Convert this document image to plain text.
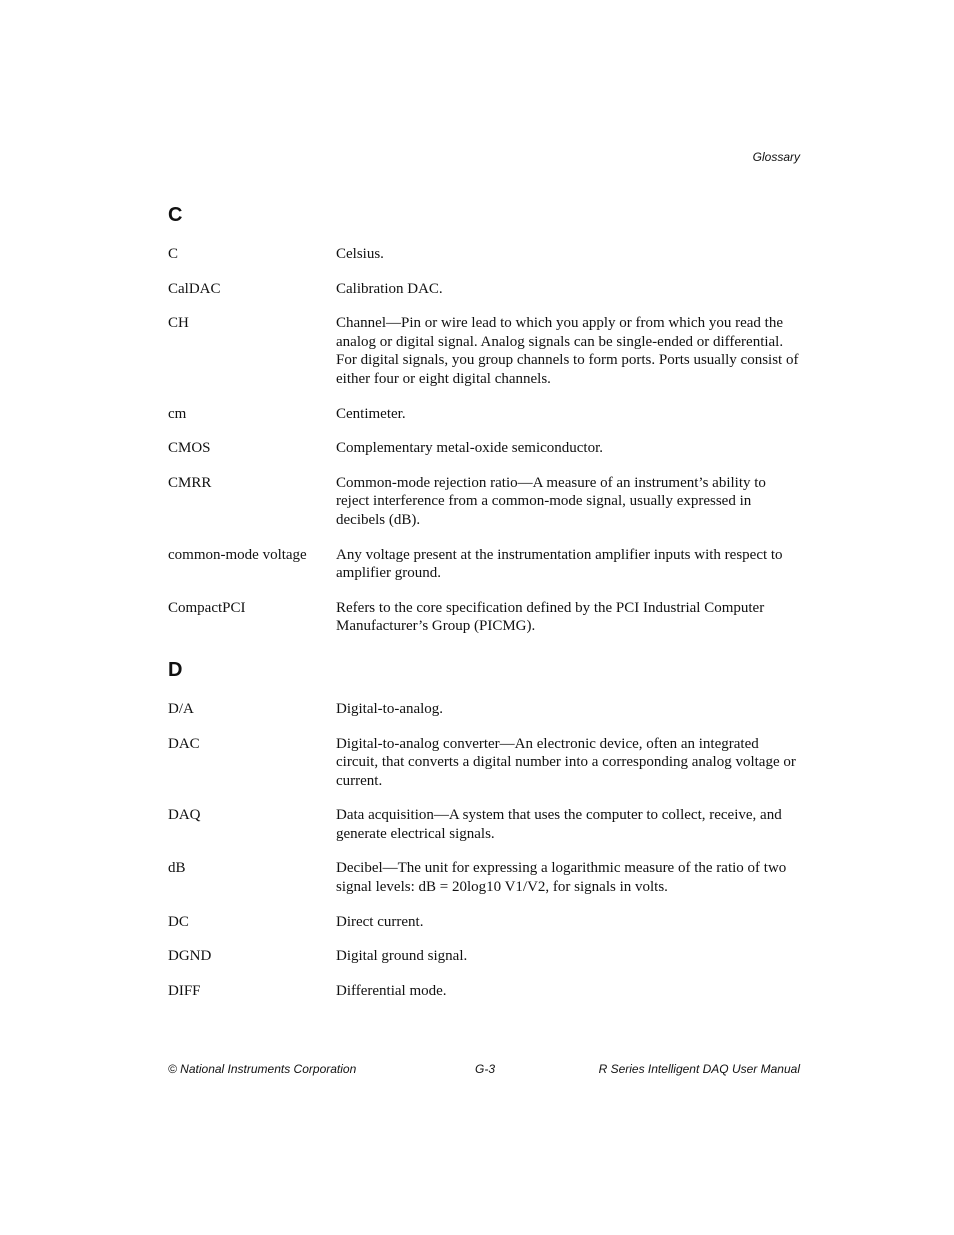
Glossary
C
C	Celsius.
CalDAC	Calibration DAC.
CH	Channel—Pin or wire lead to which you apply or from which you read the analog or digital signal. Analog signals can be single-ended or differential. For digital signals, you group channels to form ports. Ports usually consist of either four or eight digital channels.
cm	Centimeter.
CMOS	Complementary metal-oxide semiconductor.
CMRR	Common-mode rejection ratio—A measure of an instrument’s ability to reject interference from a common-mode signal, usually expressed in decibels (dB).
common-mode voltage	Any voltage present at the instrumentation amplifier inputs with respect to amplifier ground.
CompactPCI	Refers to the core specification defined by the PCI Industrial Computer Manufacturer’s Group (PICMG).
D
D/A	Digital-to-analog.
DAC	Digital-to-analog converter—An electronic device, often an integrated circuit, that converts a digital number into a corresponding analog voltage or current.
DAQ	Data acquisition—A system that uses the computer to collect, receive, and generate electrical signals.
dB	Decibel—The unit for expressing a logarithmic measure of the ratio of two signal levels: dB = 20log10 V1/V2, for signals in volts.
DC	Direct current.
DGND	Digital ground signal.
DIFF	Differential mode.
© National Instruments Corporation	G-3	R Series Intelligent DAQ User Manual
